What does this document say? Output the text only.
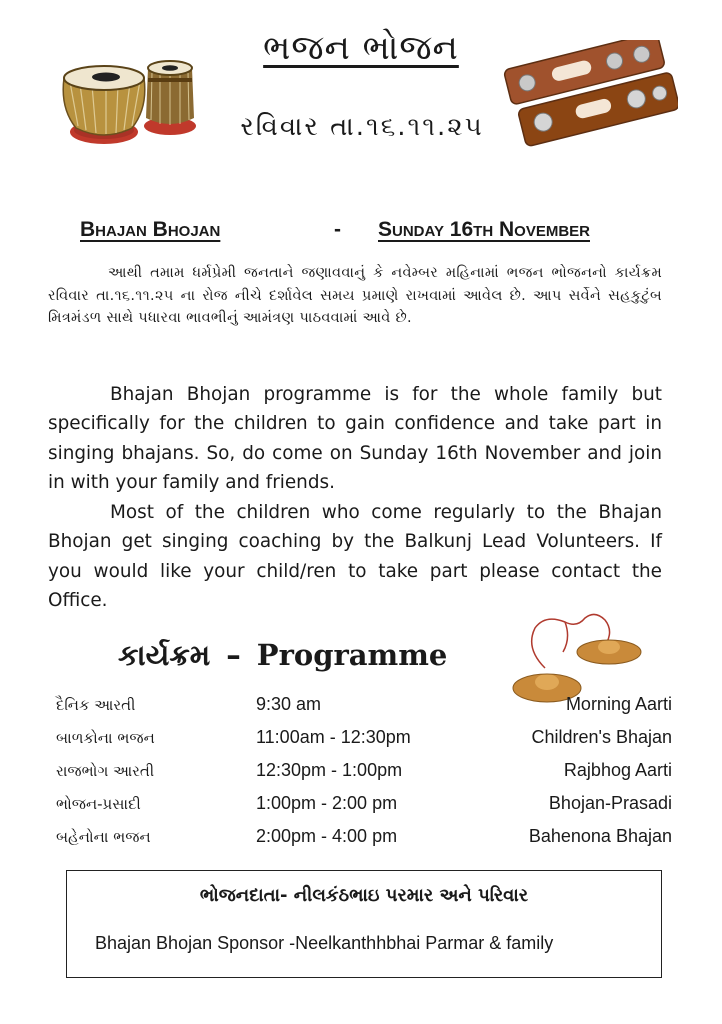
ભજન ભોજન
રવિવાર તા.૧૬.૧૧.૨૫
Bhajan Bhojan	- Sunday 16th November
આથી તમામ ધર્મપ્રેમી જનતાને જણાવવાનું કે નવેમ્બર મહિનામાં ભજન ભોજનનો કાર્યક્રમ રવિવાર તા.૧૬.૧૧.૨૫ ના રોજ નીચે દર્શાવેલ સમય પ્રમાણે રાખવામાં આવેલ છે. આપ સર્વેને સહકુટુંબ મિત્રમંડળ સાથે પધારવા ભાવભીનું આમંત્રણ પાઠવવામાં આવે છે.
Bhajan Bhojan programme is for the whole family but specifically for the children to gain confidence and take part in singing bhajans. So, do come on Sunday 16th November and join in with your family and friends.
Most of the children who come regularly to the Bhajan Bhojan get singing coaching by the Balkunj Lead Volunteers. If you would like your child/ren to take part please contact the Office.
કાર્યક્રમ – Programme
દૈનિક આરતી	9:30 am	Morning Aarti
બાળકોના ભજન	11:00am - 12:30pm	Children's Bhajan
રાજભોગ આરતી	12:30pm - 1:00pm	Rajbhog Aarti
ભોજન-પ્રસાદી	1:00pm - 2:00 pm	Bhojan-Prasadi
બહેનોના ભજન	2:00pm - 4:00 pm	Bahenona Bhajan
ભોજનદાતા- નીલકંઠભાઇ પરમાર અને પરિવાર
Bhajan Bhojan Sponsor -Neelkanthhbhai Parmar & family
